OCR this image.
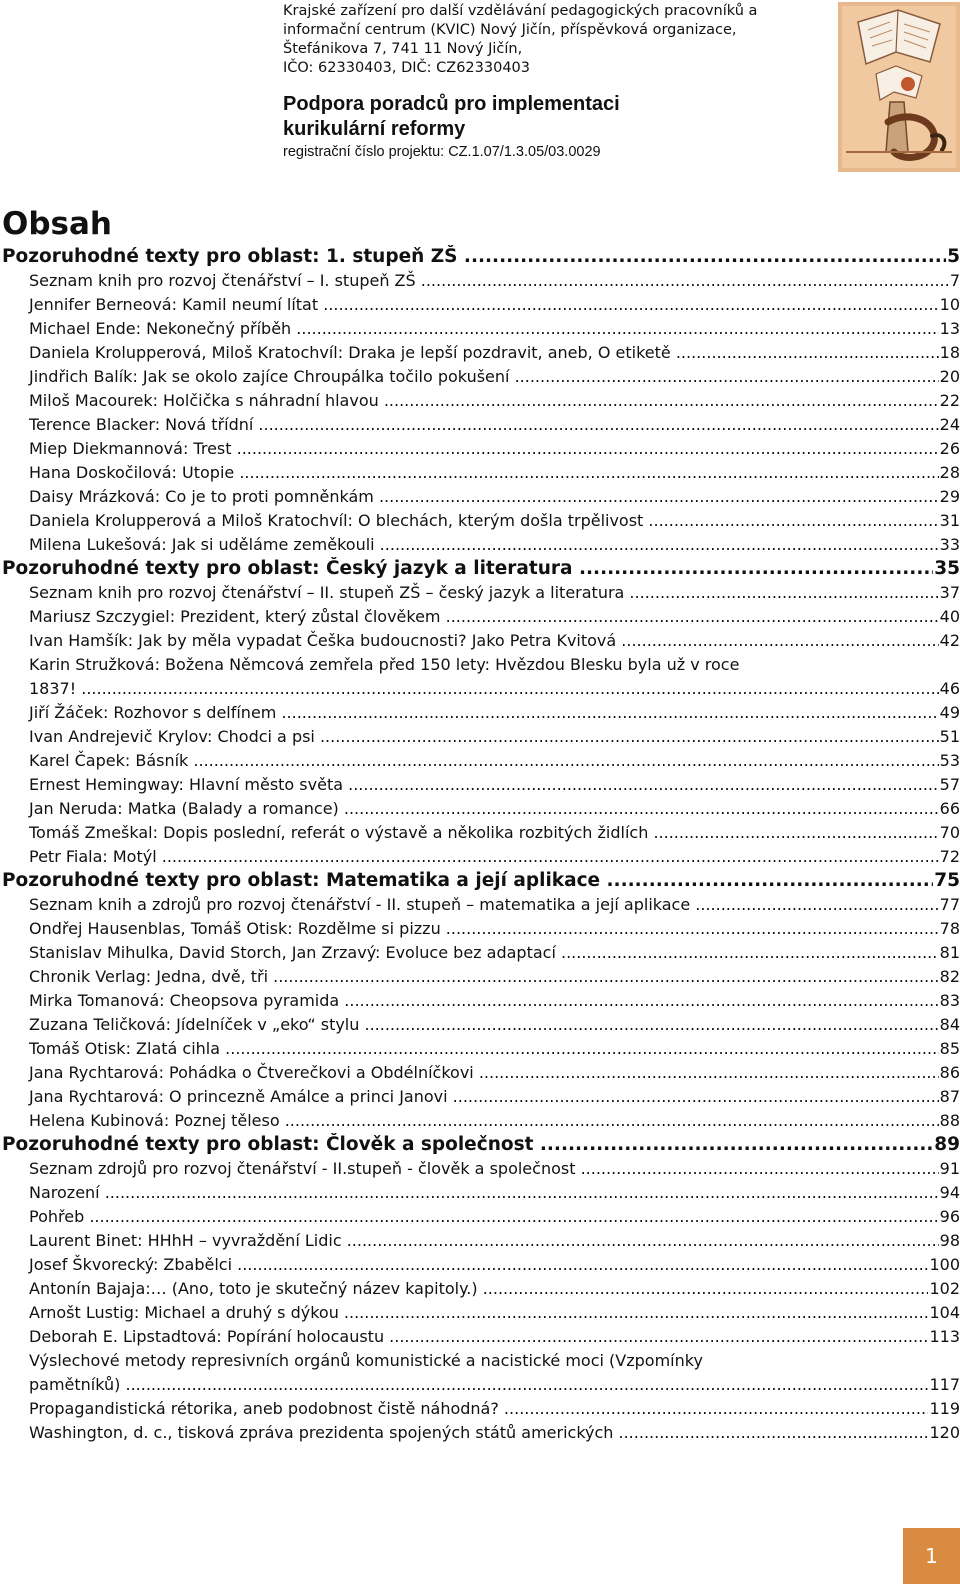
Krajské zařízení pro další vzdělávání pedagogických pracovníků a
informační centrum (KVIC) Nový Jičín, příspěvková organizace,
Štefánikova 7, 741 11 Nový Jičín,
IČO: 62330403, DIČ: CZ62330403
Podpora poradců pro implementaci
kurikulární reformy
registrační číslo projektu: CZ.1.07/1.3.05/03.0029
Obsah
Pozoruhodné texty pro oblast: 1. stupeň ZŠ .....	5
Seznam knih pro rozvoj čtenářství – I. stupeň ZŠ .....	7
Jennifer Berneová: Kamil neumí lítat .....	10
Michael Ende: Nekonečný příběh .....	13
Daniela Krolupperová, Miloš Kratochvíl: Draka je lepší pozdravit, aneb, O etiketě .....	18
Jindřich Balík: Jak se okolo zajíce Chroupálka točilo pokušení .....	20
Miloš Macourek: Holčička s náhradní hlavou .....	22
Terence Blacker: Nová třídní .....	24
Miep Diekmannová: Trest .....	26
Hana Doskočilová: Utopie .....	28
Daisy Mrázková: Co je to proti pomněnkám .....	29
Daniela Krolupperová a Miloš Kratochvíl: O blechách, kterým došla trpělivost .....	31
Milena Lukešová: Jak si uděláme zeměkouli .....	33
Pozoruhodné texty pro oblast: Český jazyk a literatura .....	35
Seznam knih pro rozvoj čtenářství – II. stupeň ZŠ – český jazyk a literatura .....	37
Mariusz Szczygiel: Prezident, který zůstal člověkem .....	40
Ivan Hamšík: Jak by měla vypadat Češka budoucnosti? Jako Petra Kvitová .....	42
Karin Stružková: Božena Němcová zemřela před 150 lety: Hvězdou Blesku byla už v roce
1837! .....	46
Jiří Žáček: Rozhovor s delfínem .....	49
Ivan Andrejevič Krylov: Chodci a psi .....	51
Karel Čapek: Básník .....	53
Ernest Hemingway: Hlavní město světa .....	57
Jan Neruda: Matka (Balady a romance) .....	66
Tomáš Zmeškal: Dopis poslední, referát o výstavě a několika rozbitých židlích .....	70
Petr Fiala: Motýl .....	72
Pozoruhodné texty pro oblast: Matematika a její aplikace .....	75
Seznam knih a zdrojů pro rozvoj čtenářství - II. stupeň – matematika a její aplikace .....	77
Ondřej Hausenblas, Tomáš Otisk: Rozdělme si pizzu .....	78
Stanislav Mihulka, David Storch, Jan Zrzavý: Evoluce bez adaptací .....	81
Chronik Verlag: Jedna, dvě, tři .....	82
Mirka Tomanová: Cheopsova pyramida .....	83
Zuzana Teličková: Jídelníček v „eko“ stylu .....	84
Tomáš Otisk: Zlatá cihla .....	85
Jana Rychtarová: Pohádka o Čtverečkovi a Obdélníčkovi .....	86
Jana Rychtarová: O princezně Amálce a princi Janovi .....	87
Helena Kubinová: Poznej těleso .....	88
Pozoruhodné texty pro oblast: Člověk a společnost .....	89
Seznam zdrojů pro rozvoj čtenářství - II.stupeň - člověk a společnost .....	91
Narození .....	94
Pohřeb .....	96
Laurent Binet: HHhH – vyvraždění Lidic .....	98
Josef Škvorecký: Zbabělci .....	100
Antonín Bajaja:… (Ano, toto je skutečný název kapitoly.) .....	102
Arnošt Lustig: Michael a druhý s dýkou .....	104
Deborah E. Lipstadtová: Popírání holocaustu .....	113
Výslechové metody represivních orgánů komunistické a nacistické moci (Vzpomínky
pamětníků) .....	117
Propagandistická rétorika, aneb podobnost čistě náhodná? .....	119
Washington, d. c., tisková zpráva prezidenta spojených států amerických .....	120
1
